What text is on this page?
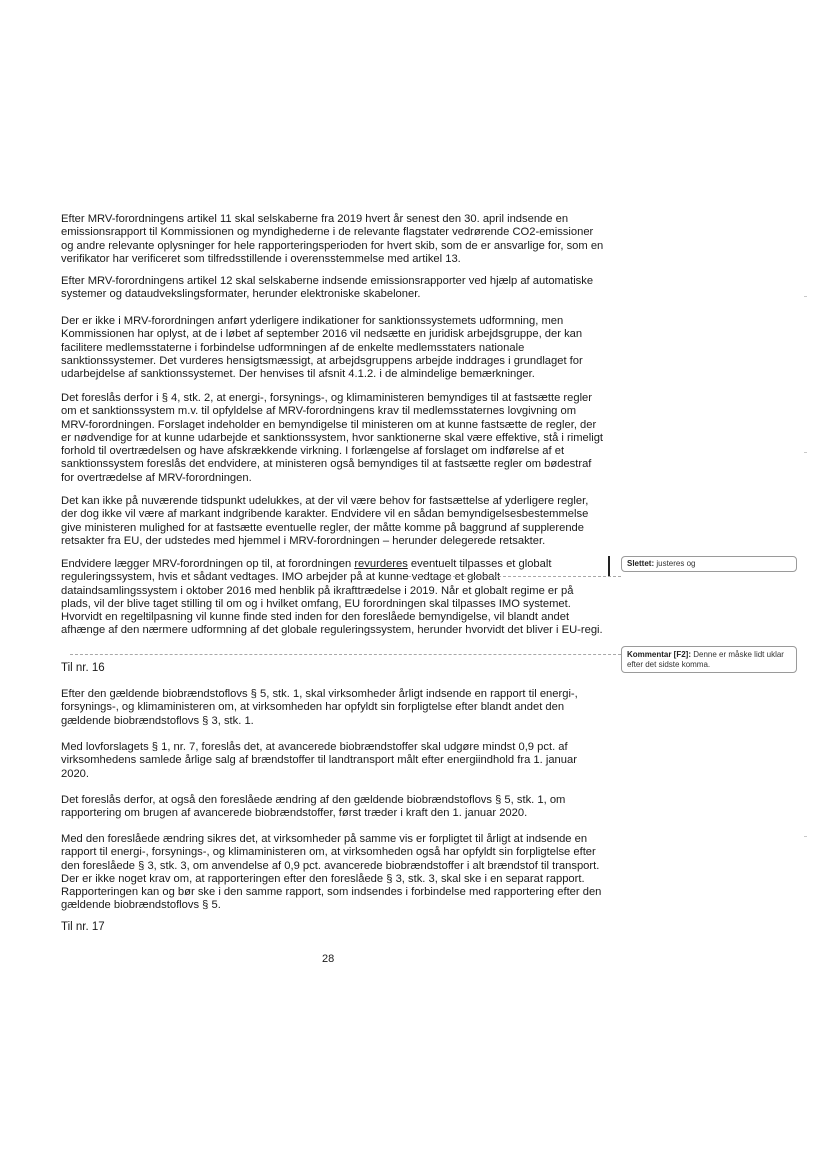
Efter MRV-forordningens artikel 11 skal selskaberne fra 2019 hvert år senest den 30. april indsende en emissionsrapport til Kommissionen og myndighederne i de relevante flagstater vedrørende CO2-emissioner og andre relevante oplysninger for hele rapporteringsperioden for hvert skib, som de er ansvarlige for, som en verifikator har verificeret som tilfredsstillende i overensstemmelse med artikel 13.
Efter MRV-forordningens artikel 12 skal selskaberne indsende emissionsrapporter ved hjælp af automatiske systemer og dataudvekslingsformater, herunder elektroniske skabeloner.
Der er ikke i MRV-forordningen anført yderligere indikationer for sanktionssystemets udformning, men Kommissionen har oplyst, at de i løbet af september 2016 vil nedsætte en juridisk arbejdsgruppe, der kan facilitere medlemsstaterne i forbindelse udformningen af de enkelte medlemsstaters nationale sanktionssystemer. Det vurderes hensigtsmæssigt, at arbejdsgruppens arbejde inddrages i grundlaget for udarbejdelse af sanktionssystemet. Der henvises til afsnit 4.1.2. i de almindelige bemærkninger.
Det foreslås derfor i § 4, stk. 2, at energi-, forsynings-, og klimaministeren bemyndiges til at fastsætte regler om et sanktionssystem m.v. til opfyldelse af MRV-forordningens krav til medlemsstaternes lovgivning om MRV-forordningen. Forslaget indeholder en bemyndigelse til ministeren om at kunne fastsætte de regler, der er nødvendige for at kunne udarbejde et sanktionssystem, hvor sanktionerne skal være effektive, stå i rimeligt forhold til overtrædelsen og have afskrækkende virkning. I forlængelse af forslaget om indførelse af et sanktionssystem foreslås det endvidere, at ministeren også bemyndiges til at fastsætte regler om bødestraf for overtrædelse af MRV-forordningen.
Det kan ikke på nuværende tidspunkt udelukkes, at der vil være behov for fastsættelse af yderligere regler, der dog ikke vil være af markant indgribende karakter. Endvidere vil en sådan bemyndigelsesbestemmelse give ministeren mulighed for at fastsætte eventuelle regler, der måtte komme på baggrund af supplerende retsakter fra EU, der udstedes med hjemmel i MRV-forordningen – herunder delegerede retsakter.
Endvidere lægger MRV-forordningen op til, at forordningen revurderes eventuelt tilpasses et globalt reguleringssystem, hvis et sådant vedtages. IMO arbejder på at kunne vedtage et globalt dataindsamlingssystem i oktober 2016 med henblik på ikrafttrædelse i 2019. Når et globalt regime er på plads, vil der blive taget stilling til om og i hvilket omfang, EU forordningen skal tilpasses IMO systemet. Hvorvidt en regeltilpasning vil kunne finde sted inden for den foreslåede bemyndigelse, vil blandt andet afhænge af den nærmere udformning af det globale reguleringssystem, herunder hvorvidt det bliver i EU-regi.
Til nr. 16
Efter den gældende biobrændstoflovs § 5, stk. 1, skal virksomheder årligt indsende en rapport til energi-, forsynings-, og klimaministeren om, at virksomheden har opfyldt sin forpligtelse efter blandt andet den gældende biobrændstoflovs § 3, stk. 1.
Med lovforslagets § 1, nr. 7, foreslås det, at avancerede biobrændstoffer skal udgøre mindst 0,9 pct. af virksomhedens samlede årlige salg af brændstoffer til landtransport målt efter energiindhold fra 1. januar 2020.
Det foreslås derfor, at også den foreslåede ændring af den gældende biobrændstoflovs § 5, stk. 1, om rapportering om brugen af avancerede biobrændstoffer, først træder i kraft den 1. januar 2020.
Med den foreslåede ændring sikres det, at virksomheder på samme vis er forpligtet til årligt at indsende en rapport til energi-, forsynings-, og klimaministeren om, at virksomheden også har opfyldt sin forpligtelse efter den foreslåede § 3, stk. 3, om anvendelse af 0,9 pct. avancerede biobrændstoffer i alt brændstof til transport. Der er ikke noget krav om, at rapporteringen efter den foreslåede § 3, stk. 3, skal ske i en separat rapport. Rapporteringen kan og bør ske i den samme rapport, som indsendes i forbindelse med rapportering efter den gældende biobrændstoflovs § 5.
Til nr. 17
28
Slettet: justeres og
Kommentar [F2]: Denne er måske lidt uklar efter det sidste komma.
